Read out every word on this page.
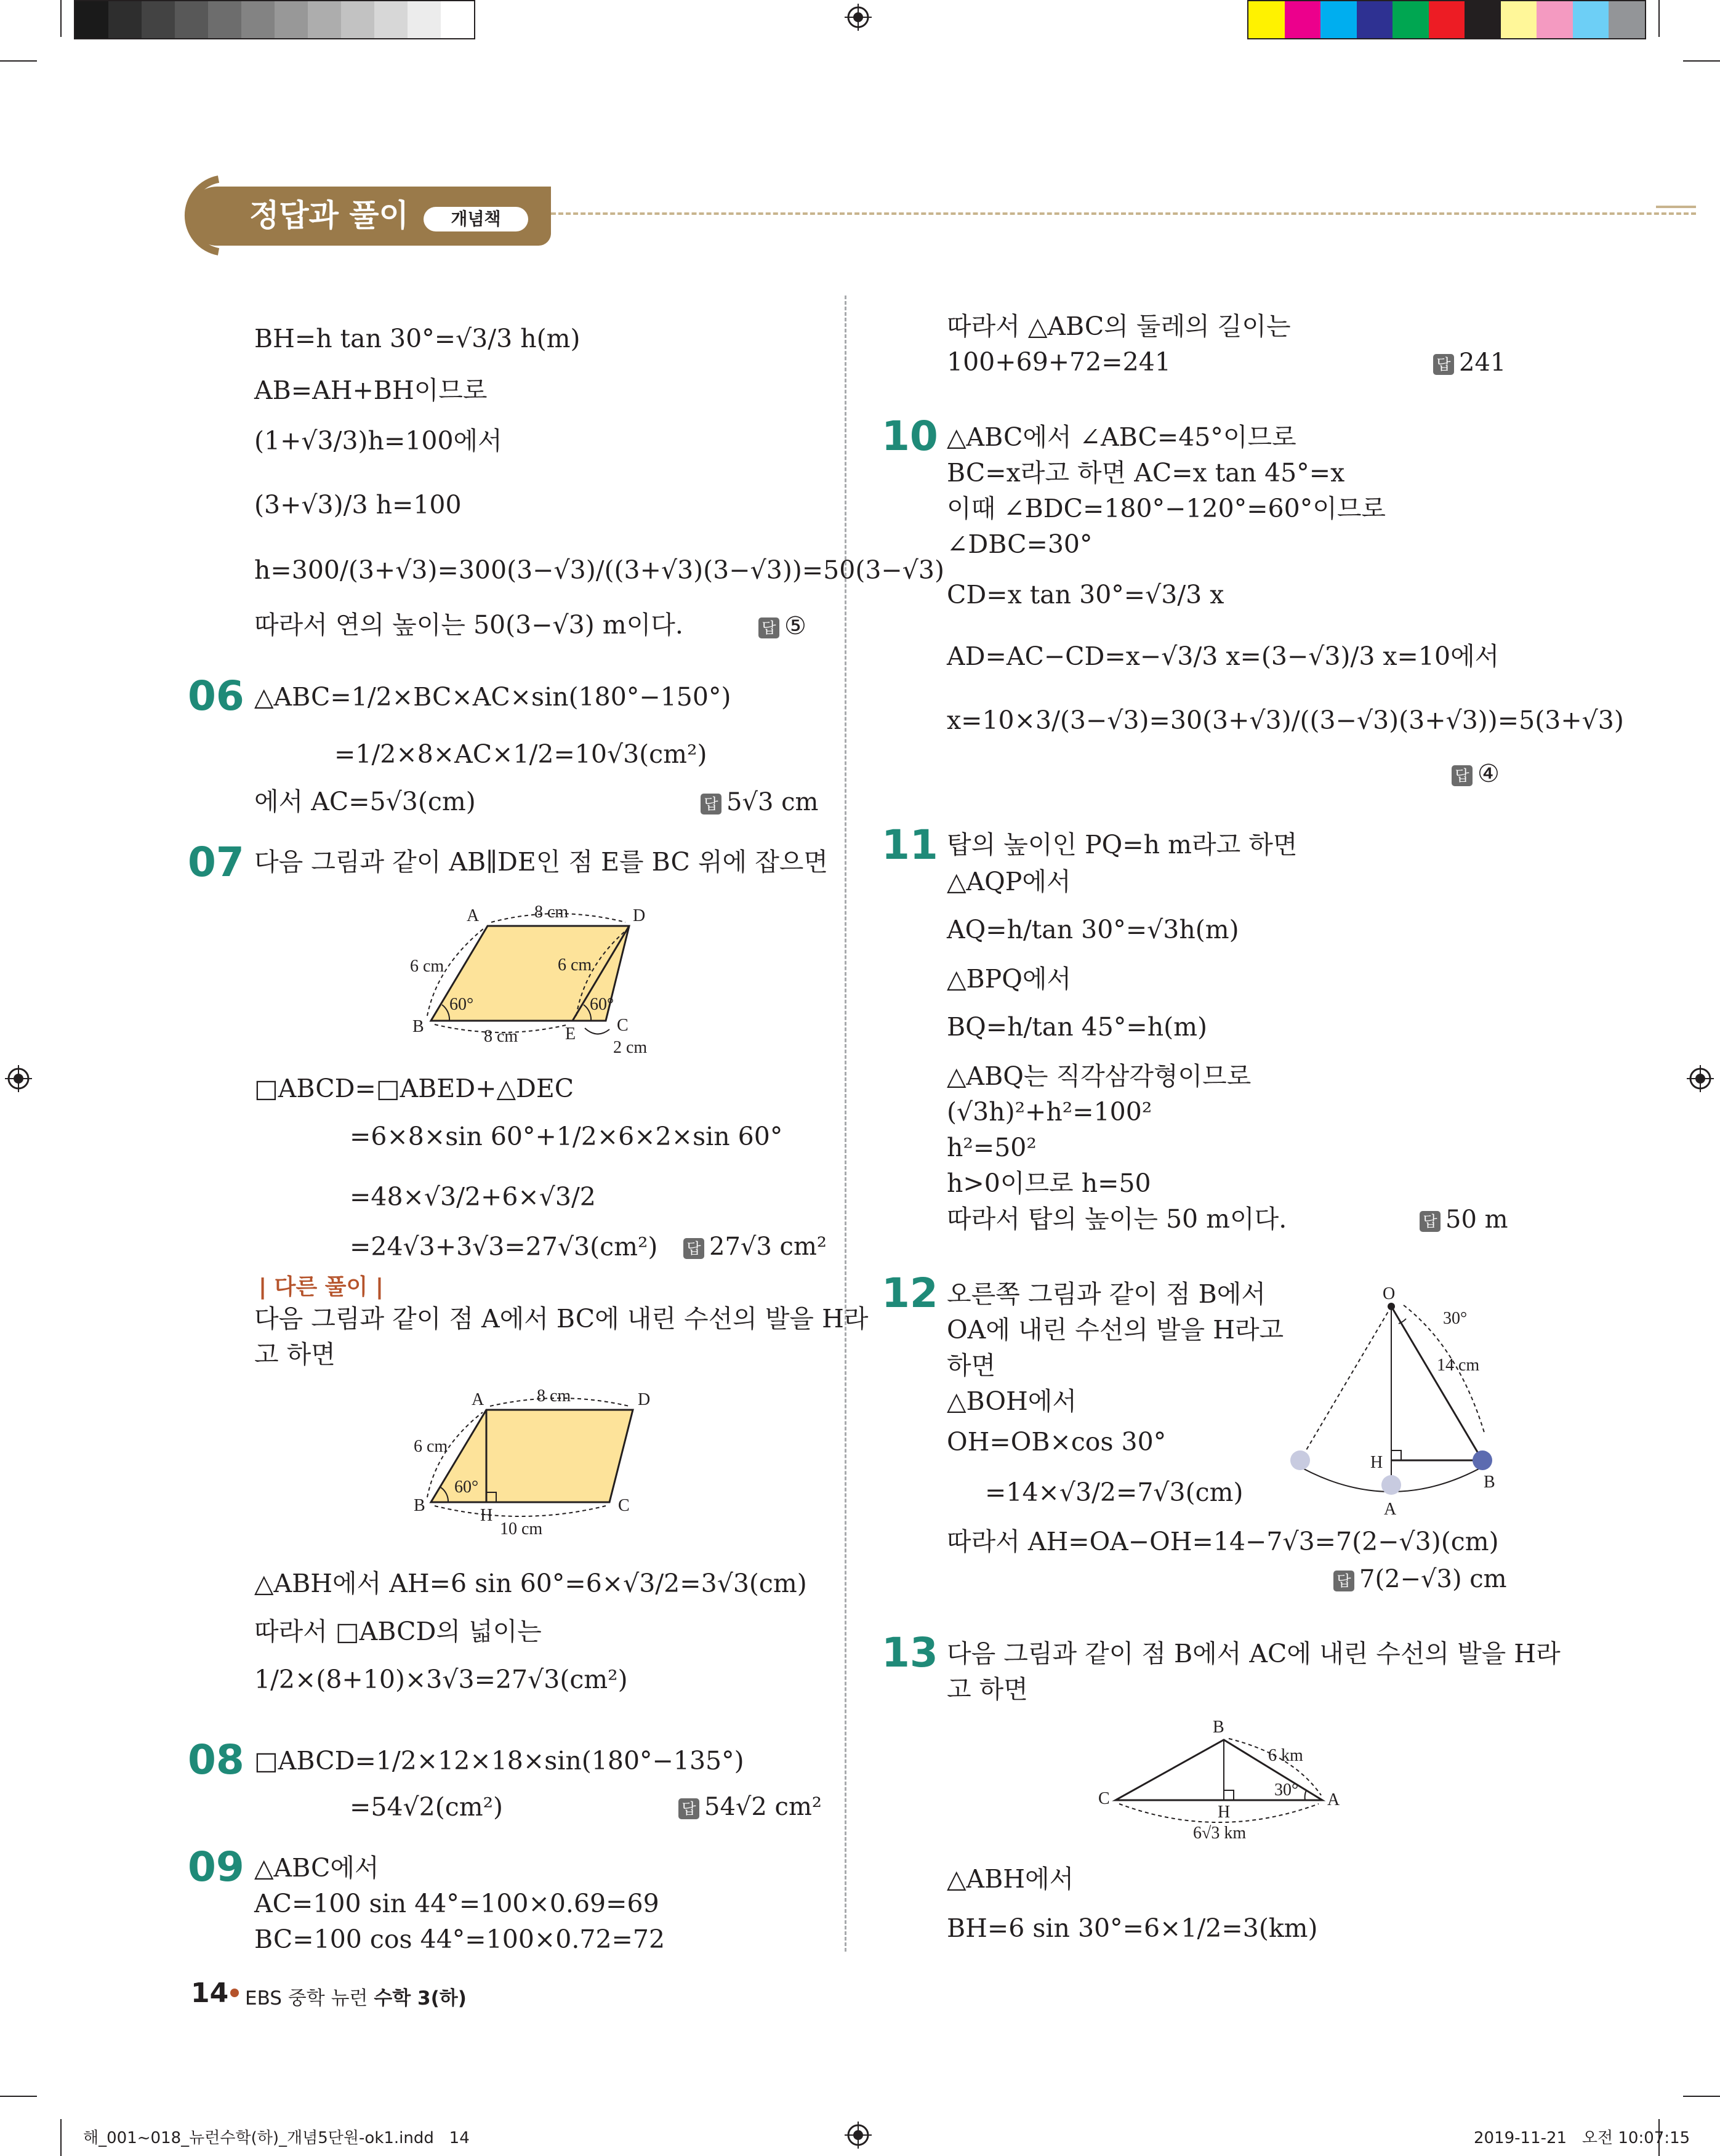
정답과 풀이	개념책
BH=h tan 30°=√3/3 h(m)
AB=AH+BH이므로
(1+√3/3)h=100에서
(3+√3)/3 h=100
h=300/(3+√3)=300(3−√3)/((3+√3)(3−√3))=50(3−√3)
따라서 연의 높이는 50(3−√3) m이다.	답 ⑤
06 △ABC=1/2×BC×AC×sin(180°−150°)
=1/2×8×AC×1/2=10√3(cm²)
에서 AC=5√3(cm)	답 5√3 cm
07 다음 그림과 같이 AB∥DE인 점 E를 BC 위에 잡으면
A	D
B	C
E
8 cm
6 cm	6 cm
8 cm
2 cm
60°	60°
□ABCD=□ABED+△DEC
=6×8×sin 60°+1/2×6×2×sin 60°
=48×√3/2+6×√3/2
=24√3+3√3=27√3(cm²) 답 27√3 cm²
| 다른 풀이 |
다음 그림과 같이 점 A에서 BC에 내린 수선의 발을 H라
고 하면
A	D
B	C
H
8 cm
6 cm
10 cm
60°
△ABH에서 AH=6 sin 60°=6×√3/2=3√3(cm)
따라서 □ABCD의 넓이는
1/2×(8+10)×3√3=27√3(cm²)
08 □ABCD=1/2×12×18×sin(180°−135°)
=54√2(cm²)	답 54√2 cm²
09 △ABC에서
AC=100 sin 44°=100×0.69=69
BC=100 cos 44°=100×0.72=72
따라서 △ABC의 둘레의 길이는
100+69+72=241	답 241
10 △ABC에서 ∠ABC=45°이므로
BC=x라고 하면 AC=x tan 45°=x
이때 ∠BDC=180°−120°=60°이므로
∠DBC=30°
CD=x tan 30°=√3/3 x
AD=AC−CD=x−√3/3 x=(3−√3)/3 x=10에서
x=10×3/(3−√3)=30(3+√3)/((3−√3)(3+√3))=5(3+√3)
답 ④
11 탑의 높이인 PQ=h m라고 하면
△AQP에서
AQ=h/tan 30°=√3h(m)
△BPQ에서
BQ=h/tan 45°=h(m)
△ABQ는 직각삼각형이므로
(√3h)²+h²=100²
h²=50²
h>0이므로 h=50
따라서 탑의 높이는 50 m이다.	답 50 m
12 오른쪽 그림과 같이 점 B에서
OA에 내린 수선의 발을 H라고
하면
△BOH에서
OH=OB×cos 30°
=14×√3/2=7√3(cm)
따라서 AH=OA−OH=14−7√3=7(2−√3)(cm)
답 7(2−√3) cm
O
30°
14 cm
H
B
A
13 다음 그림과 같이 점 B에서 AC에 내린 수선의 발을 H라
고 하면
B
C	A
H
6 km
30°
6√3 km
△ABH에서
BH=6 sin 30°=6×1/2=3(km)
14 EBS 중학 뉴런 수학 3(하)
해_001~018_뉴런수학(하)_개념5단원-ok1.indd   14	2019-11-21   오전 10:07:15
